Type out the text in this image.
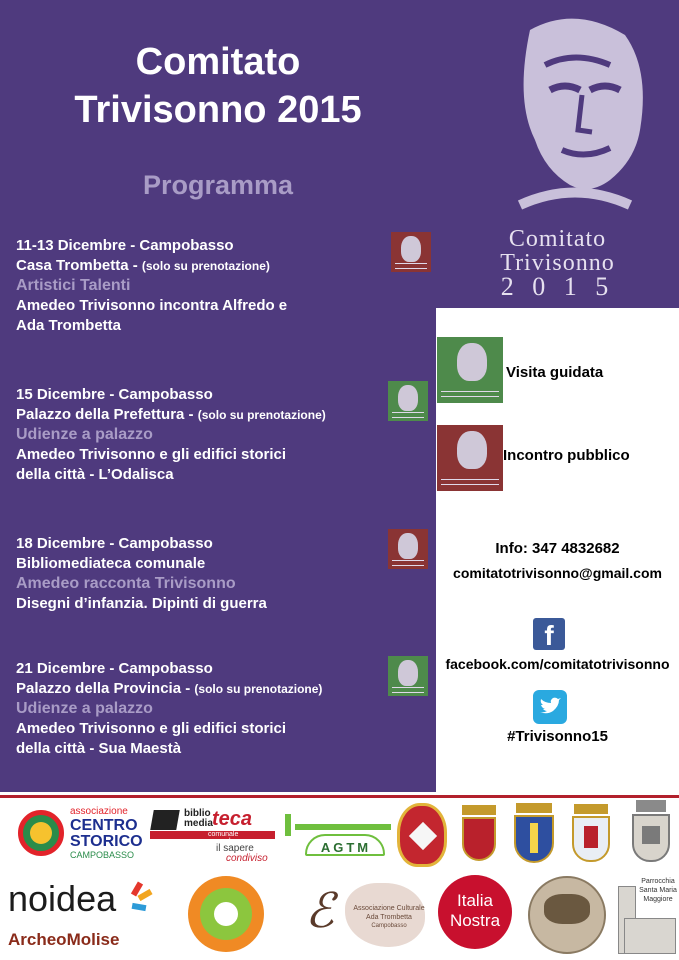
Comitato
Trivisonno 2015
Programma
Comitato
Trivisonno
2 0 1 5
11-13 Dicembre - Campobasso
Casa Trombetta - (solo su prenotazione)
Artistici Talenti
Amedeo Trivisonno incontra Alfredo e
Ada Trombetta
15 Dicembre - Campobasso
Palazzo della Prefettura - (solo su prenotazione)
Udienze a palazzo
Amedeo Trivisonno e gli edifici storici
della città - L’Odalisca
18 Dicembre - Campobasso
Bibliomediateca comunale
Amedeo racconta Trivisonno
Disegni d’infanzia. Dipinti di guerra
21 Dicembre - Campobasso
Palazzo della Provincia - (solo su prenotazione)
Udienze a palazzo
Amedeo Trivisonno e gli edifici storici
della città - Sua Maestà
Visita guidata
Incontro pubblico
Info: 347 4832682
comitatotrivisonno@gmail.com
f
facebook.com/comitatotrivisonno
#Trivisonno15
associazione
CENTRO
STORICO
CAMPOBASSO
biblio
media teca
comunale campobasso
il sapere
condiviso
AGTM
noidea
ArcheoMolise
ℰ	Associazione Culturale
Ada Trombetta
Campobasso
Italia
Nostra
Parrocchia
Santa Maria
Maggiore
